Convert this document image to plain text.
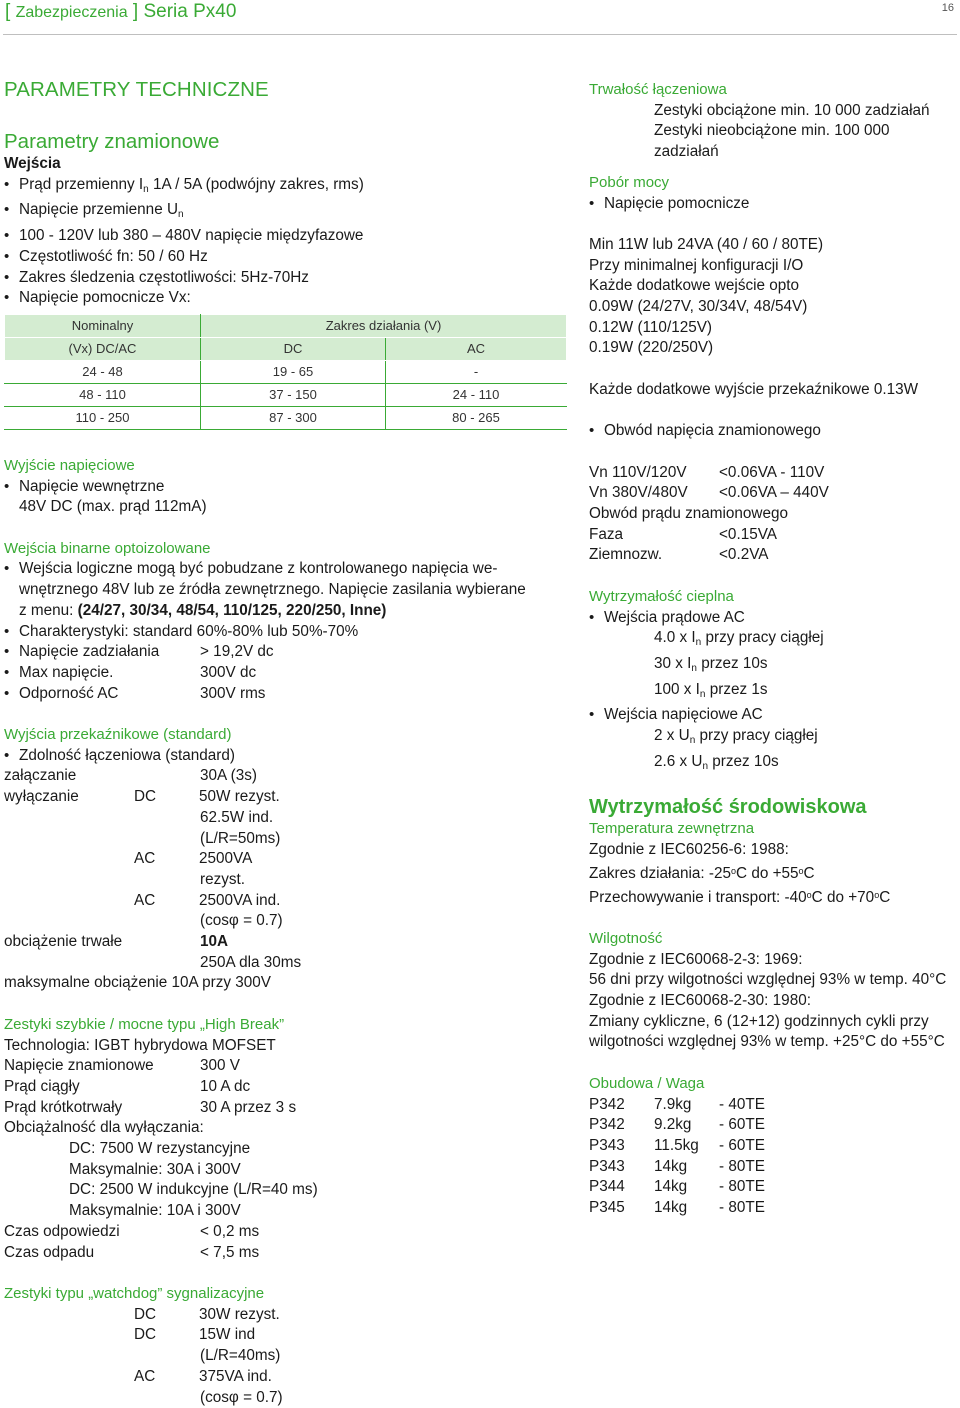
[ Zabezpieczenia ] Seria Px40	16
PARAMETRY TECHNICZNE
Parametry znamionowe
Wejścia
• Prąd przemienny $I_n$ 1A / 5A (podwójny zakres, rms)
• Napięcie przemienne $U_n$
• 100 - 120V lub 380 – 480V napięcie międzyfazowe
• Częstotliwość fn: 50 / 60 Hz
• Zakres śledzenia częstotliwości: 5Hz-70Hz
• Napięcie pomocnicze Vx:
Nominalny	Zakres działania (V)	
(Vx) DC/AC	DC	AC
24 - 48	19 - 65	-
48 - 110	37 - 150	24 - 110
110 - 250	87 - 300	80 - 265
Wyjście napięciowe
• Napięcie wewnętrzne
48V DC (max. prąd 112mA)
Wejścia binarne optoizolowane
• Wejścia logiczne mogą być pobudzane z kontrolowanego napięcia we-
wnętrznego 48V lub ze źródła zewnętrznego. Napięcie zasilania wybierane
z menu: (24/27, 30/34, 48/54, 110/125, 220/250, Inne)
• Charakterystyki: standard 60%-80% lub 50%-70%
• Napięcie zadziałania	> 19,2V dc
• Max napięcie.	300V dc
• Odporność AC	300V rms
Wyjścia przekaźnikowe (standard)
• Zdolność łączeniowa (standard)
załączanie	30A (3s)
wyłączanie	DC	50W rezyst.
62.5W ind.
(L/R=50ms)
AC	2500VA
rezyst.
AC	2500VA ind.
(cosφ = 0.7)
obciążenie trwałe	10A
250A dla 30ms
maksymalne obciążenie 10A przy 300V
Zestyki szybkie / mocne typu „High Break”
Technologia: IGBT hybrydowa MOFSET
Napięcie znamionowe	300 V
Prąd ciągły	10 A dc
Prąd krótkotrwały	30 A przez 3 s
Obciążalność dla wyłączania:
DC: 7500 W rezystancyjne
Maksymalnie: 30A i 300V
DC: 2500 W indukcyjne (L/R=40 ms)
Maksymalnie: 10A i 300V
Czas odpowiedzi	< 0,2 ms
Czas odpadu	< 7,5 ms
Zestyki typu „watchdog” sygnalizacyjne
DC	30W rezyst.
DC	15W ind
(L/R=40ms)
AC	375VA ind.
(cosφ = 0.7)
Trwałość łączeniowa
Zestyki obciążone min. 10 000 zadziałań
Zestyki nieobciążone min. 100 000
zadziałań
Pobór mocy
• Napięcie pomocnicze
Min 11W lub 24VA (40 / 60 / 80TE)
Przy minimalnej konfiguracji I/O
Każde dodatkowe wejście opto
0.09W (24/27V, 30/34V, 48/54V)
0.12W (110/125V)
0.19W (220/250V)
Każde dodatkowe wyjście przekaźnikowe 0.13W
• Obwód napięcia znamionowego
Vn 110V/120V	<0.06VA - 110V
Vn 380V/480V	<0.06VA – 440V
Obwód prądu znamionowego
Faza	<0.15VA
Ziemnozw.	<0.2VA
Wytrzymałość cieplna
• Wejścia prądowe AC
4.0 x $I_n$ przy pracy ciągłej
30 x $I_n$ przez 10s
100 x $I_n$ przez 1s
• Wejścia napięciowe AC
2 x $U_n$ przy pracy ciągłej
2.6 x $U_n$ przez 10s
Wytrzymałość środowiskowa
Temperatura zewnętrzna
Zgodnie z IEC60256-6: 1988:
Zakres działania: -25$^o$C do $+55^oC$
Przechowywanie i transport: -40$^o$C do $+70^oC$
Wilgotność
Zgodnie z IEC60068-2-3: 1969:
56 dni przy wilgotności względnej 93% w temp. 40°C
Zgodnie z IEC60068-2-30: 1980:
Zmiany cykliczne, 6 (12+12) godzinnych cykli przy
wilgotności względnej 93% w temp. +25°C do +55°C
Obudowa / Waga
P342	7.9kg	- 40TE
P342	9.2kg	- 60TE
P343	11.5kg	- 60TE
P343	14kg	- 80TE
P344	14kg	- 80TE
P345	14kg	- 80TE
